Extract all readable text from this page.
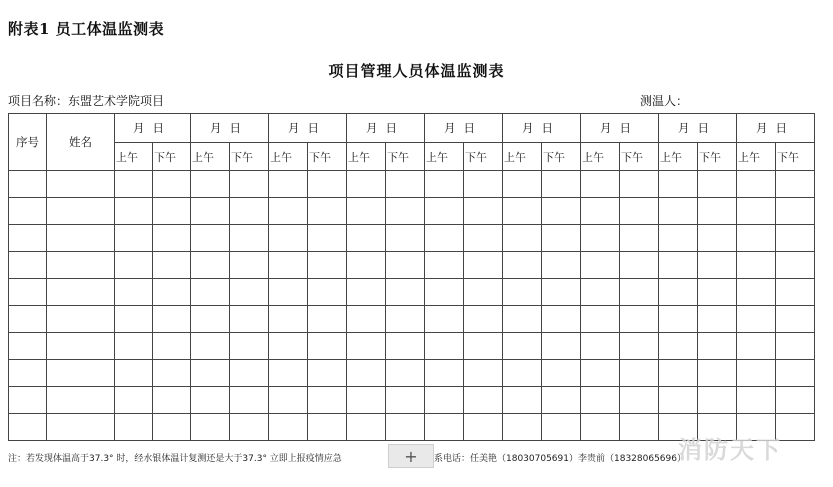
附表1 员工体温监测表
项目管理人员体温监测表
项目名称：东盟艺术学院项目	测温人：
序号	姓名	月日		月日		月日		月日		月日		月日		月日		月日		月日	
		上午	下午	上午	下午	上午	下午	上午	下午	上午	下午	上午	下午	上午	下午	上午	下午	上午	下午

注：若发现体温高于37.3° 时，经水银体温计复测还是大于37.3° 立即上报疫情应急	+	系电话：任美艳（18030705691）李贵前（18328065696）
消防天下
